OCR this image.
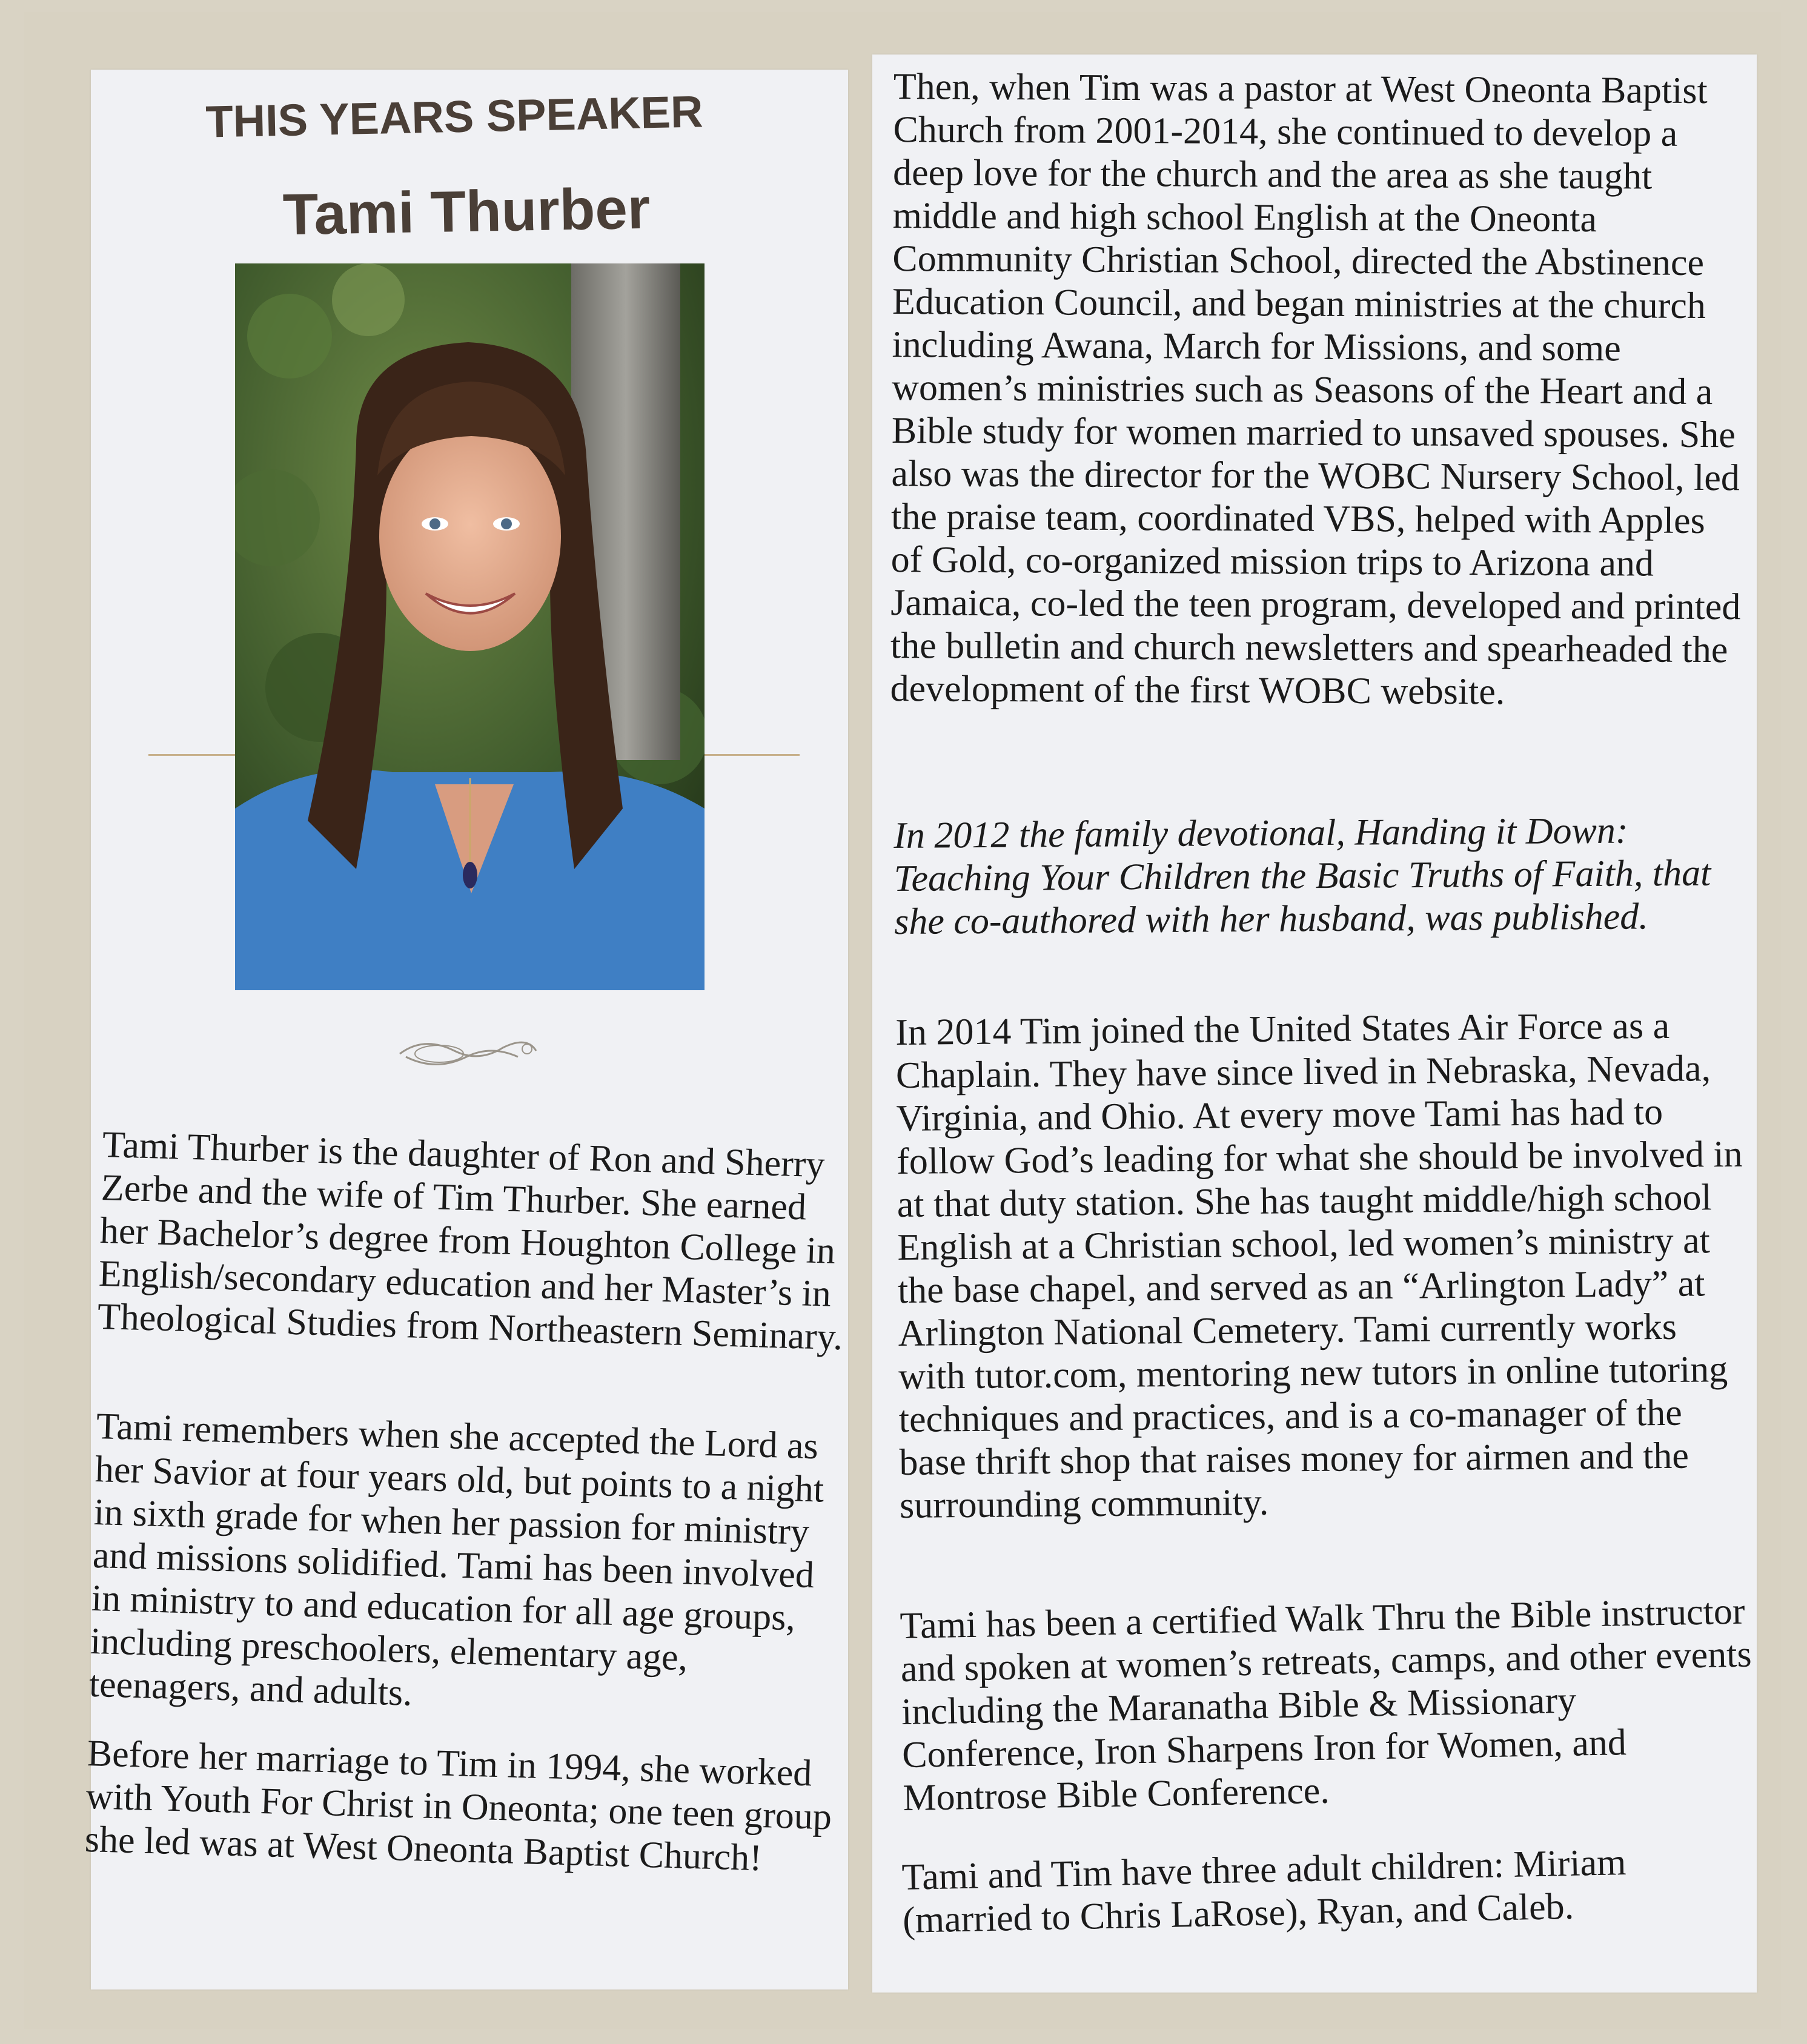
THIS YEARS SPEAKER
Tami Thurber

Tami Thurber is the daughter of Ron and Sherry Zerbe and the wife of Tim Thurber. She earned her Bachelor’s degree from Houghton College in English/secondary education and her Master’s in Theological Studies from Northeastern Seminary.

Tami remembers when she accepted the Lord as her Savior at four years old, but points to a night in sixth grade for when her passion for ministry and missions solidified. Tami has been involved in ministry to and education for all age groups, including preschoolers, elementary age, teenagers, and adults.

Before her marriage to Tim in 1994, she worked with Youth For Christ in Oneonta; one teen group she led was at West Oneonta Baptist Church!

Then, when Tim was a pastor at West Oneonta Baptist Church from 2001-2014, she continued to develop a deep love for the church and the area as she taught middle and high school English at the Oneonta Community Christian School, directed the Abstinence Education Council, and began ministries at the church including Awana, March for Missions, and some women’s ministries such as Seasons of the Heart and a Bible study for women married to unsaved spouses. She also was the director for the WOBC Nursery School, led the praise team, coordinated VBS, helped with Apples of Gold, co-organized mission trips to Arizona and Jamaica, co-led the teen program, developed and printed the bulletin and church newsletters and spearheaded the development of the first WOBC website.

In 2012 the family devotional, Handing it Down: Teaching Your Children the Basic Truths of Faith, that she co-authored with her husband, was published.

In 2014 Tim joined the United States Air Force as a Chaplain. They have since lived in Nebraska, Nevada, Virginia, and Ohio. At every move Tami has had to follow God’s leading for what she should be involved in at that duty station. She has taught middle/high school English at a Christian school, led women’s ministry at the base chapel, and served as an “Arlington Lady” at Arlington National Cemetery. Tami currently works with tutor.com, mentoring new tutors in online tutoring techniques and practices, and is a co-manager of the base thrift shop that raises money for airmen and the surrounding community.

Tami has been a certified Walk Thru the Bible instructor and spoken at women’s retreats, camps, and other events including the Maranatha Bible & Missionary Conference, Iron Sharpens Iron for Women, and Montrose Bible Conference.

Tami and Tim have three adult children: Miriam (married to Chris LaRose), Ryan, and Caleb.
